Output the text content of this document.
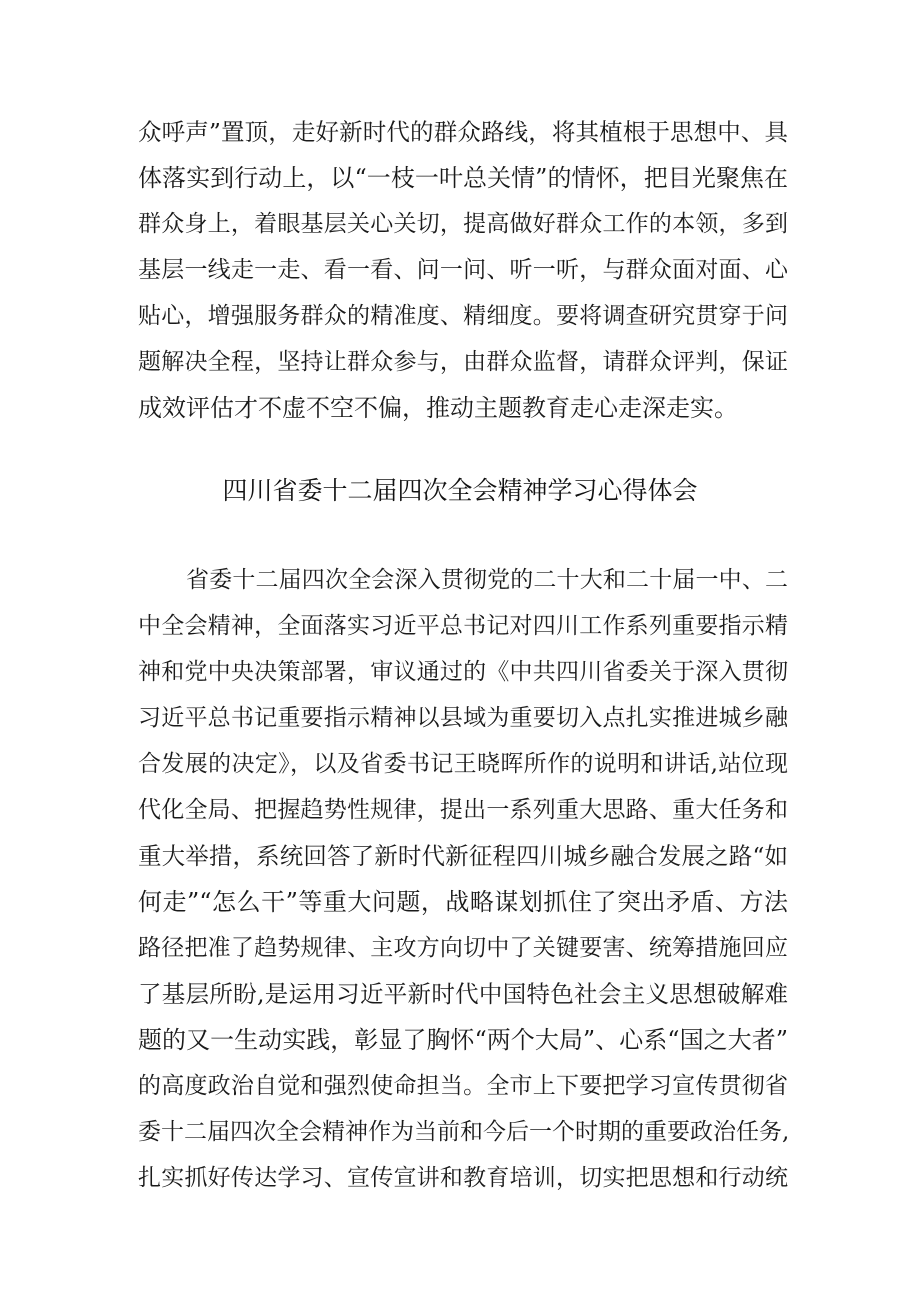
众呼声”置顶，走好新时代的群众路线，将其植根于思想中、具
体落实到行动上，以“一枝一叶总关情”的情怀，把目光聚焦在
群众身上，着眼基层关心关切，提高做好群众工作的本领，多到
基层一线走一走、看一看、问一问、听一听，与群众面对面、心
贴心，增强服务群众的精准度、精细度。要将调查研究贯穿于问
题解决全程，坚持让群众参与，由群众监督，请群众评判，保证
成效评估才不虚不空不偏，推动主题教育走心走深走实。
四川省委十二届四次全会精神学习心得体会
省委十二届四次全会深入贯彻党的二十大和二十届一中、二
中全会精神，全面落实习近平总书记对四川工作系列重要指示精
神和党中央决策部署，审议通过的《中共四川省委关于深入贯彻
习近平总书记重要指示精神以县域为重要切入点扎实推进城乡融
合发展的决定》，以及省委书记王晓晖所作的说明和讲话,站位现
代化全局、把握趋势性规律，提出一系列重大思路、重大任务和
重大举措，系统回答了新时代新征程四川城乡融合发展之路“如
何走”“怎么干”等重大问题，战略谋划抓住了突出矛盾、方法
路径把准了趋势规律、主攻方向切中了关键要害、统筹措施回应
了基层所盼,是运用习近平新时代中国特色社会主义思想破解难
题的又一生动实践，彰显了胸怀“两个大局”、心系“国之大者”
的高度政治自觉和强烈使命担当。全市上下要把学习宣传贯彻省
委十二届四次全会精神作为当前和今后一个时期的重要政治任务,
扎实抓好传达学习、宣传宣讲和教育培训，切实把思想和行动统
